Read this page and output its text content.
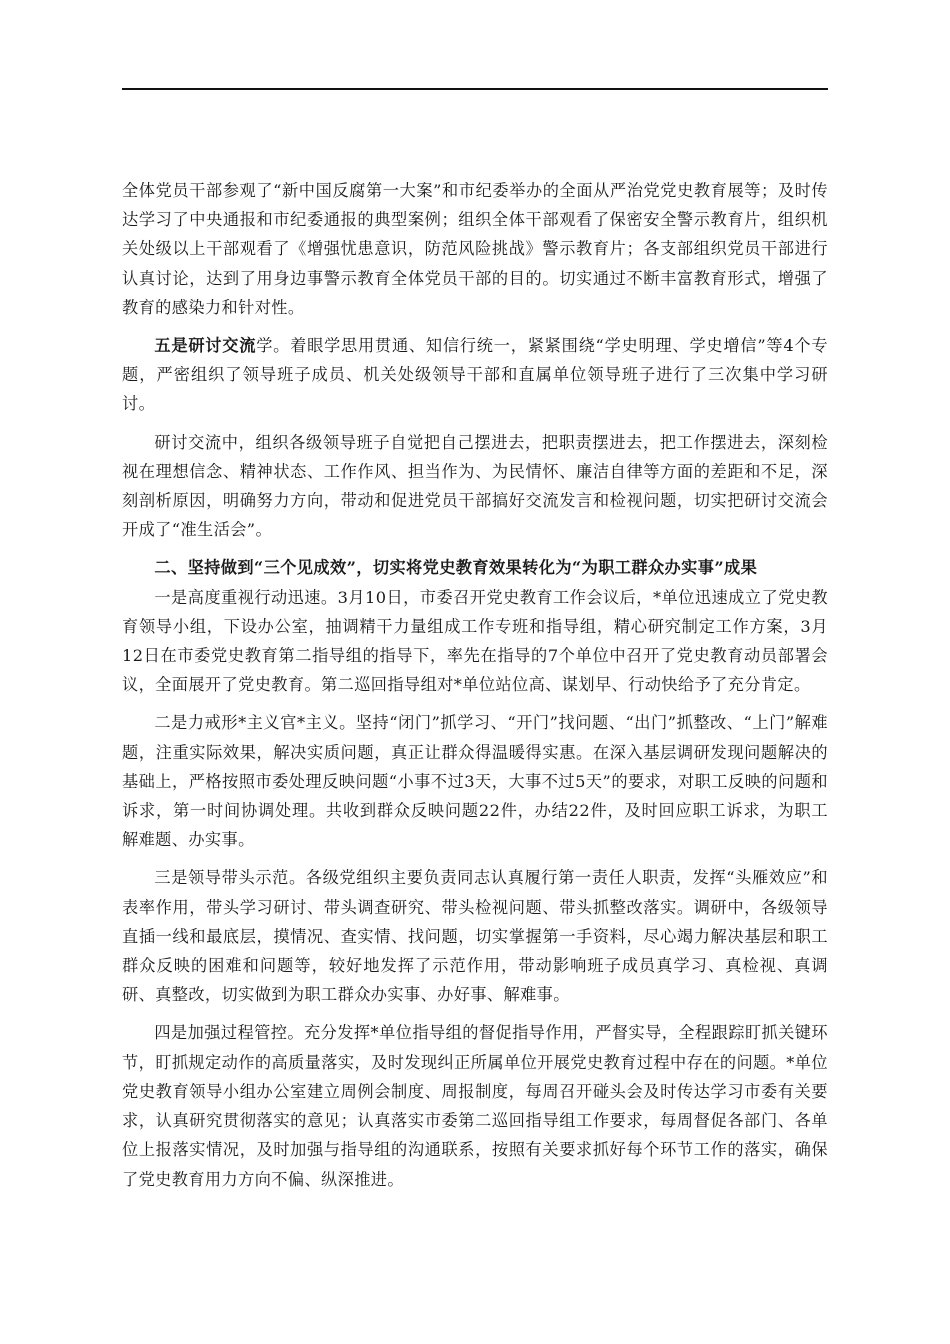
全体党员干部参观了“新中国反腐第一大案”和市纪委举办的全面从严治党党史教育展等；及时传达学习了中央通报和市纪委通报的典型案例；组织全体干部观看了保密安全警示教育片，组织机关处级以上干部观看了《增强忧患意识，防范风险挑战》警示教育片；各支部组织党员干部进行认真讨论，达到了用身边事警示教育全体党员干部的目的。切实通过不断丰富教育形式，增强了教育的感染力和针对性。

五是研讨交流学。着眼学思用贯通、知信行统一，紧紧围绕“学史明理、学史增信”等4个专题，严密组织了领导班子成员、机关处级领导干部和直属单位领导班子进行了三次集中学习研讨。

研讨交流中，组织各级领导班子自觉把自己摆进去，把职责摆进去，把工作摆进去，深刻检视在理想信念、精神状态、工作作风、担当作为、为民情怀、廉洁自律等方面的差距和不足，深刻剖析原因，明确努力方向，带动和促进党员干部搞好交流发言和检视问题，切实把研讨交流会开成了“准生活会”。

二、坚持做到“三个见成效”，切实将党史教育效果转化为“为职工群众办实事”成果

一是高度重视行动迅速。3月10日，市委召开党史教育工作会议后，*单位迅速成立了党史教育领导小组，下设办公室，抽调精干力量组成工作专班和指导组，精心研究制定工作方案，3月12日在市委党史教育第二指导组的指导下，率先在指导的7个单位中召开了党史教育动员部署会议，全面展开了党史教育。第二巡回指导组对*单位站位高、谋划早、行动快给予了充分肯定。

二是力戒形*主义官*主义。坚持“闭门”抓学习、“开门”找问题、“出门”抓整改、“上门”解难题，注重实际效果，解决实质问题，真正让群众得温暖得实惠。在深入基层调研发现问题解决的基础上，严格按照市委处理反映问题“小事不过3天，大事不过5天”的要求，对职工反映的问题和诉求，第一时间协调处理。共收到群众反映问题22件，办结22件，及时回应职工诉求，为职工解难题、办实事。

三是领导带头示范。各级党组织主要负责同志认真履行第一责任人职责，发挥“头雁效应”和表率作用，带头学习研讨、带头调查研究、带头检视问题、带头抓整改落实。调研中，各级领导直插一线和最底层，摸情况、查实情、找问题，切实掌握第一手资料，尽心竭力解决基层和职工群众反映的困难和问题等，较好地发挥了示范作用，带动影响班子成员真学习、真检视、真调研、真整改，切实做到为职工群众办实事、办好事、解难事。

四是加强过程管控。充分发挥*单位指导组的督促指导作用，严督实导，全程跟踪盯抓关键环节，盯抓规定动作的高质量落实，及时发现纠正所属单位开展党史教育过程中存在的问题。*单位党史教育领导小组办公室建立周例会制度、周报制度，每周召开碰头会及时传达学习市委有关要求，认真研究贯彻落实的意见；认真落实市委第二巡回指导组工作要求，每周督促各部门、各单位上报落实情况，及时加强与指导组的沟通联系，按照有关要求抓好每个环节工作的落实，确保了党史教育用力方向不偏、纵深推进。
